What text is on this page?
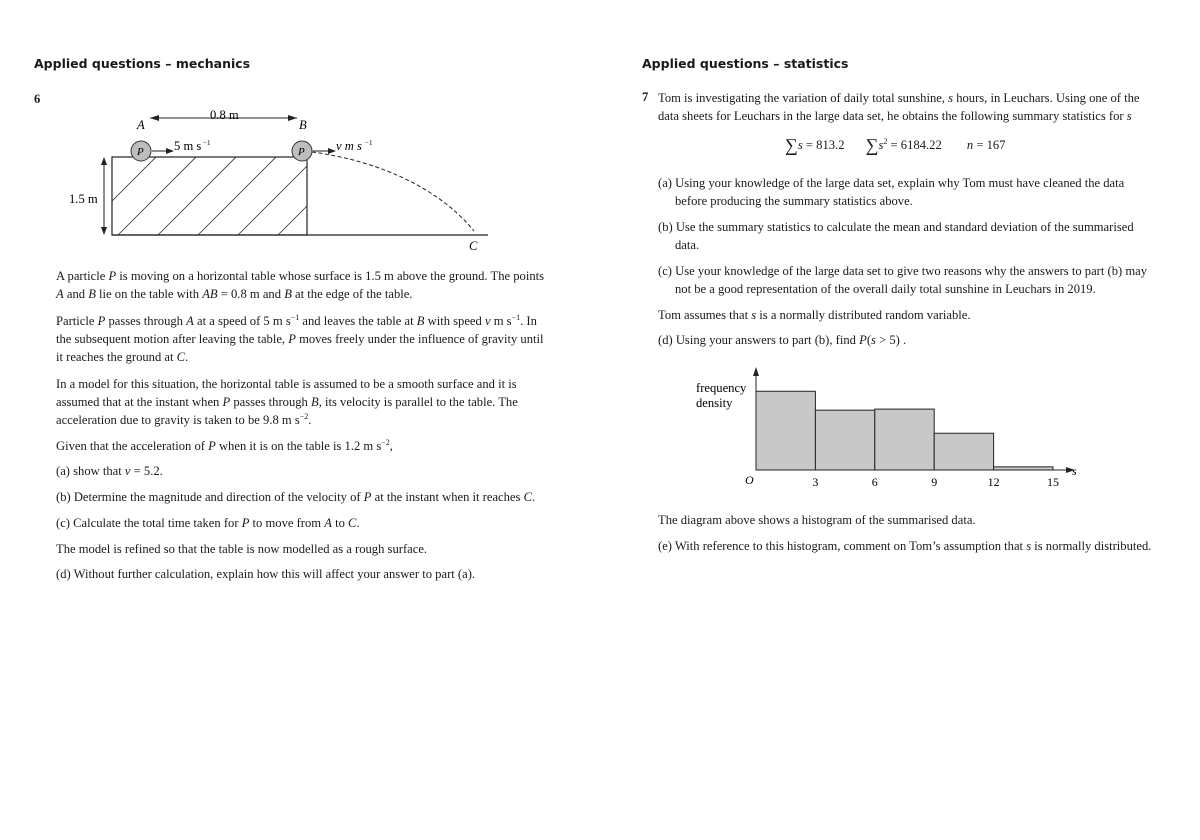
Applied questions – mechanics
6
0.8 m
A	B
1.5 m
P 5 m s −1
P v m s −1
C
A particle P is moving on a horizontal table whose surface is 1.5 m above the ground. The points A and B lie on the table with AB = 0.8 m and B at the edge of the table.
Particle P passes through A at a speed of 5 m $s^{-1}$ and leaves the table at B with speed v m $s^{-1}$. In the subsequent motion after leaving the table, P moves freely under the influence of gravity until it reaches the ground at C.
In a model for this situation, the horizontal table is assumed to be a smooth surface and it is assumed that at the instant when P passes through B, its velocity is parallel to the table. The acceleration due to gravity is taken to be 9.8 m $s^{-2}$.
Given that the acceleration of P when it is on the table is 1.2 m $s^{-2}$,
(a) show that v = 5.2.
(b) Determine the magnitude and direction of the velocity of P at the instant when it reaches C.
(c) Calculate the total time taken for P to move from A to C.
The model is refined so that the table is now modelled as a rough surface.
(d) Without further calculation, explain how this will affect your answer to part (a).
Applied questions – statistics
7 Tom is investigating the variation of daily total sunshine, s hours, in Leuchars. Using one of the data sheets for Leuchars in the large data set, he obtains the following summary statistics for s
∑s = 813.2 $\sum s^2 = 6184.22$ n = 167
(a) Using your knowledge of the large data set, explain why Tom must have cleaned the data before producing the summary statistics above.
(b) Use the summary statistics to calculate the mean and standard deviation of the summarised data.
(c) Use your knowledge of the large data set to give two reasons why the answers to part (b) may not be a good representation of the overall daily total sunshine in Leuchars in 2019.
Tom assumes that s is a normally distributed random variable.
(d) Using your answers to part (b), find P(s > 5) .
frequency
density
s
O	3	6	9	12	15
The diagram above shows a histogram of the summarised data.
(e) With reference to this histogram, comment on Tom’s assumption that s is normally distributed.
